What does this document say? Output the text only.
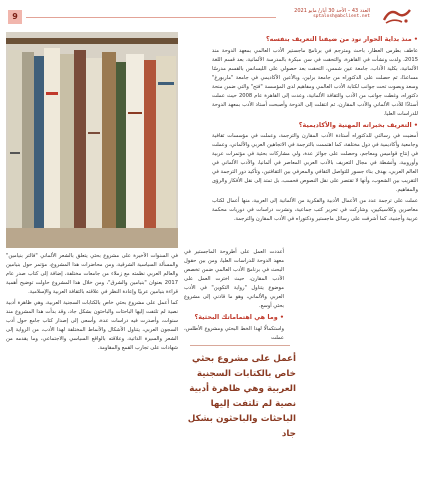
9
العدد 43 – الأحد 30 أيار/ مايو 2021
sptalosh@abclient.net
• منذ بداية الحوار نود من ضيفنا التعريف بنفسه؟
عاطف بطرس العطار، باحث ومترجم في برنامج ماجستير الأدب العالمي بمعهد الدوحة منذ 2015، ولدت ونشأت في القاهرة، والتحقت في سن مبكرة بالمدرسة الألمانية، بعد قسم اللغة الألمانية، بكلية الآداب، جامعة عين شمس، التحقت بعد حصولي على الليسانس بالقسم مدرسًا مساعدًا، ثم حصلت على الدكتوراه من جامعة برلين، وبالأعين الأكاديمي في جامعة "ماربورغ" وسعد وبصوت تحت جوانب لكتابة الأدب العالمي ومفاهيم لدى المؤسسة "فتح" والتي ضمن منحة دكتوراه، وغطت جوانب من الأدب والثقافة الألمانية، وعدت إلى القاهرة عام 2008 حيث عملت أستاذًا للأدب الألماني والأدب المقارن، ثم انتقلت إلى الدوحة وأصبحت أستاذ الأدب بمعهد الدوحة للدراسات العليا.
• التعريف بخبراته المهنية والأكاديمية؟
أمضيت في رسالتي للدكتوراه أستاذة الأدب المقارن والترجمة، وعملت في مؤسسات ثقافية وجامعية وأكاديمية في دول مختلفة، كما اهتممت بالترجمة في الاتجاهين العربي والألماني، وعملت في إنتاج قواميس ومعاجم، وحصلت على جوائز عدة، ولي مشاركات بحثية في مؤتمرات عربية وأوروبية، وأنشطة في مجال التعريف بالأدب العربي المعاصر في ألمانيا، والأدب الألماني في العالم العربي، بهدف بناء جسور للتواصل الثقافي والمعرفي بين الثقافتين، وتأكيد دور الترجمة في التقريب بين الشعوب، وأنها لا تقتصر على نقل النصوص فحسب، بل تمتد إلى نقل الأفكار والرؤى والمفاهيم.
عملت على ترجمة عدد من الأعمال الأدبية والفكرية من الألمانية إلى العربية، منها أعمال لكتاب معاصرين وكلاسيكيين، وشاركت في تحرير كتب جماعية، ونشرت دراسات في دوريات محكمة عربية وأجنبية، كما أشرفت على رسائل ماجستير ودكتوراه في الأدب المقارن والترجمة.
أعددت العمل على أطروحة الماجستير في معهد الدوحة للدراسات العليا، ومن بين حقول البحث في برنامج الأدب العالمي ضمن تخصص الأدب المقارن، حيث اخترت العمل على موضوع يتناول "رواية التكوين" في الأدب العربي والألماني، وهو ما قادني إلى مشروع بحثي أوسع.
• وما هي اهتماماتك البحثية؟
واستكمالًا لهذا الخط البحثي ومشروع الأطلس، عملت
أعمل على مشروع بحثي خاص بالكتابات السجنية العربية وهي ظاهرة أدبية نصية لم تلتفت إليها الباحثات والباحثون بشكل جاد
في السنوات الأخيرة على مشروع بحثي يتعلق بالشعر الألماني "فالتر بنيامين" والمسألة السياسية الشرقية، ومن محاضرات هذا المشروع، مؤتمر حول بنيامين والعالم العربي نظمته مع زملاء من جامعات مختلفة، إضافة إلى كتاب صدر عام 2017 بعنوان "بنيامين والشرق"، ومن خلال هذا المشروع حاولت توضيح أهمية قراءة بنيامين عربيًا وإعادة النظر في علاقته بالثقافة العربية والإسلامية.
كما أعمل على مشروع بحثي خاص بالكتابات السجنية العربية، وهي ظاهرة أدبية نصية لم تلتفت إليها الباحثات والباحثون بشكل جاد، وقد بدأت هذا المشروع منذ سنوات، وأصدرت فيه دراسات عدة، وأسعى إلى إصدار كتاب جامع حول أدب السجون العربي، يتناول الأشكال والأنماط المختلفة لهذا الأدب، من الرواية إلى الشعر والسيرة الذاتية، وعلاقته بالواقع السياسي والاجتماعي، وما يقدمه من شهادات على تجارب القمع والمقاومة.
